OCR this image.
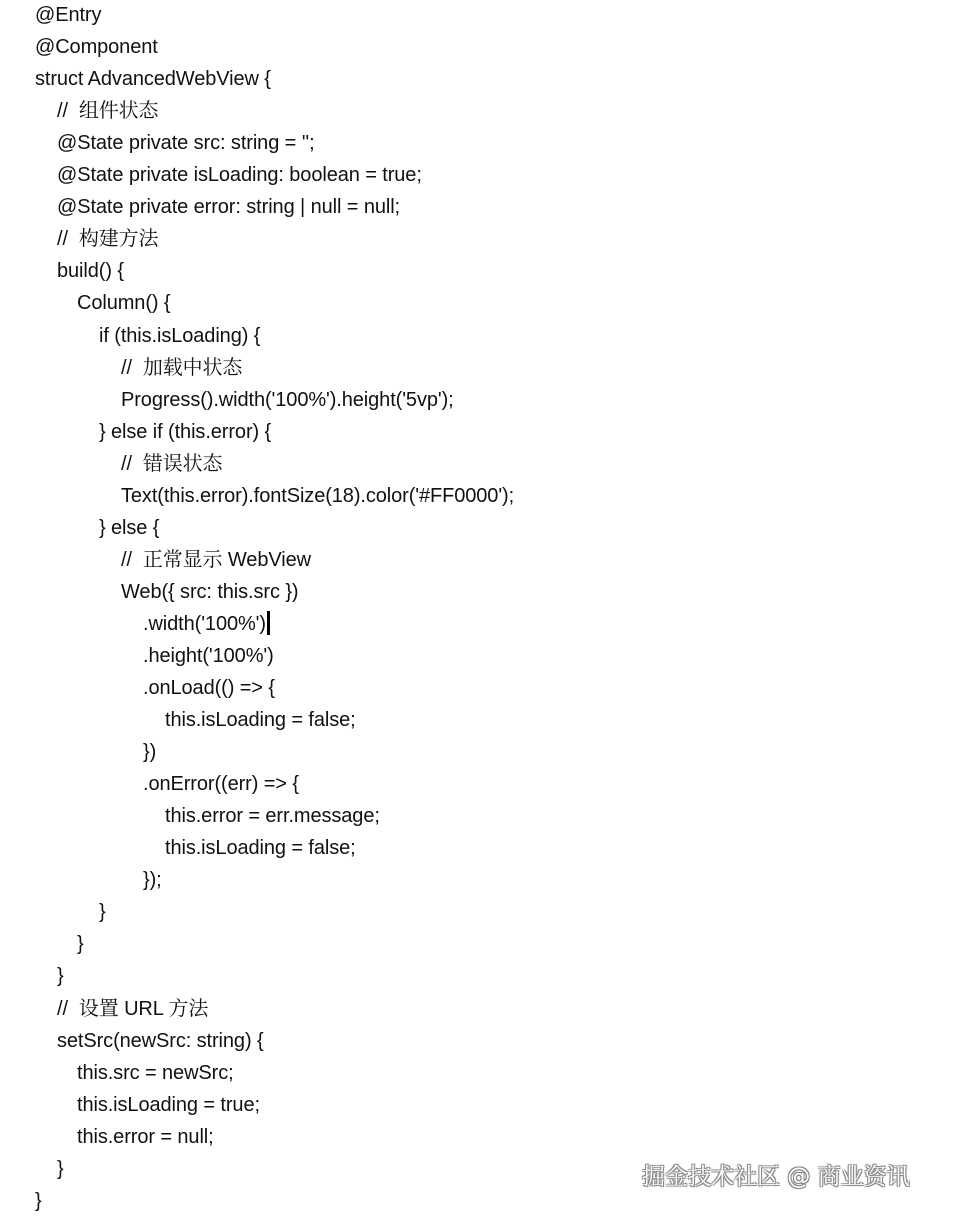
@Entry
@Component
struct AdvancedWebView {
//  组件状态
@State private src: string = '';
@State private isLoading: boolean = true;
@State private error: string | null = null;
//  构建方法
build() {
Column() {
if (this.isLoading) {
//  加载中状态
Progress().width('100%').height('5vp');
} else if (this.error) {
//  错误状态
Text(this.error).fontSize(18).color('#FF0000');
} else {
//  正常显示 WebView
Web({ src: this.src })
.width('100%')
.height('100%')
.onLoad(() => {
this.isLoading = false;
})
.onError((err) => {
this.error = err.message;
this.isLoading = false;
});
}
}
}
//  设置 URL 方法
setSrc(newSrc: string) {
this.src = newSrc;
this.isLoading = true;
this.error = null;
}
}
掘金技术社区 @ 商业资讯
